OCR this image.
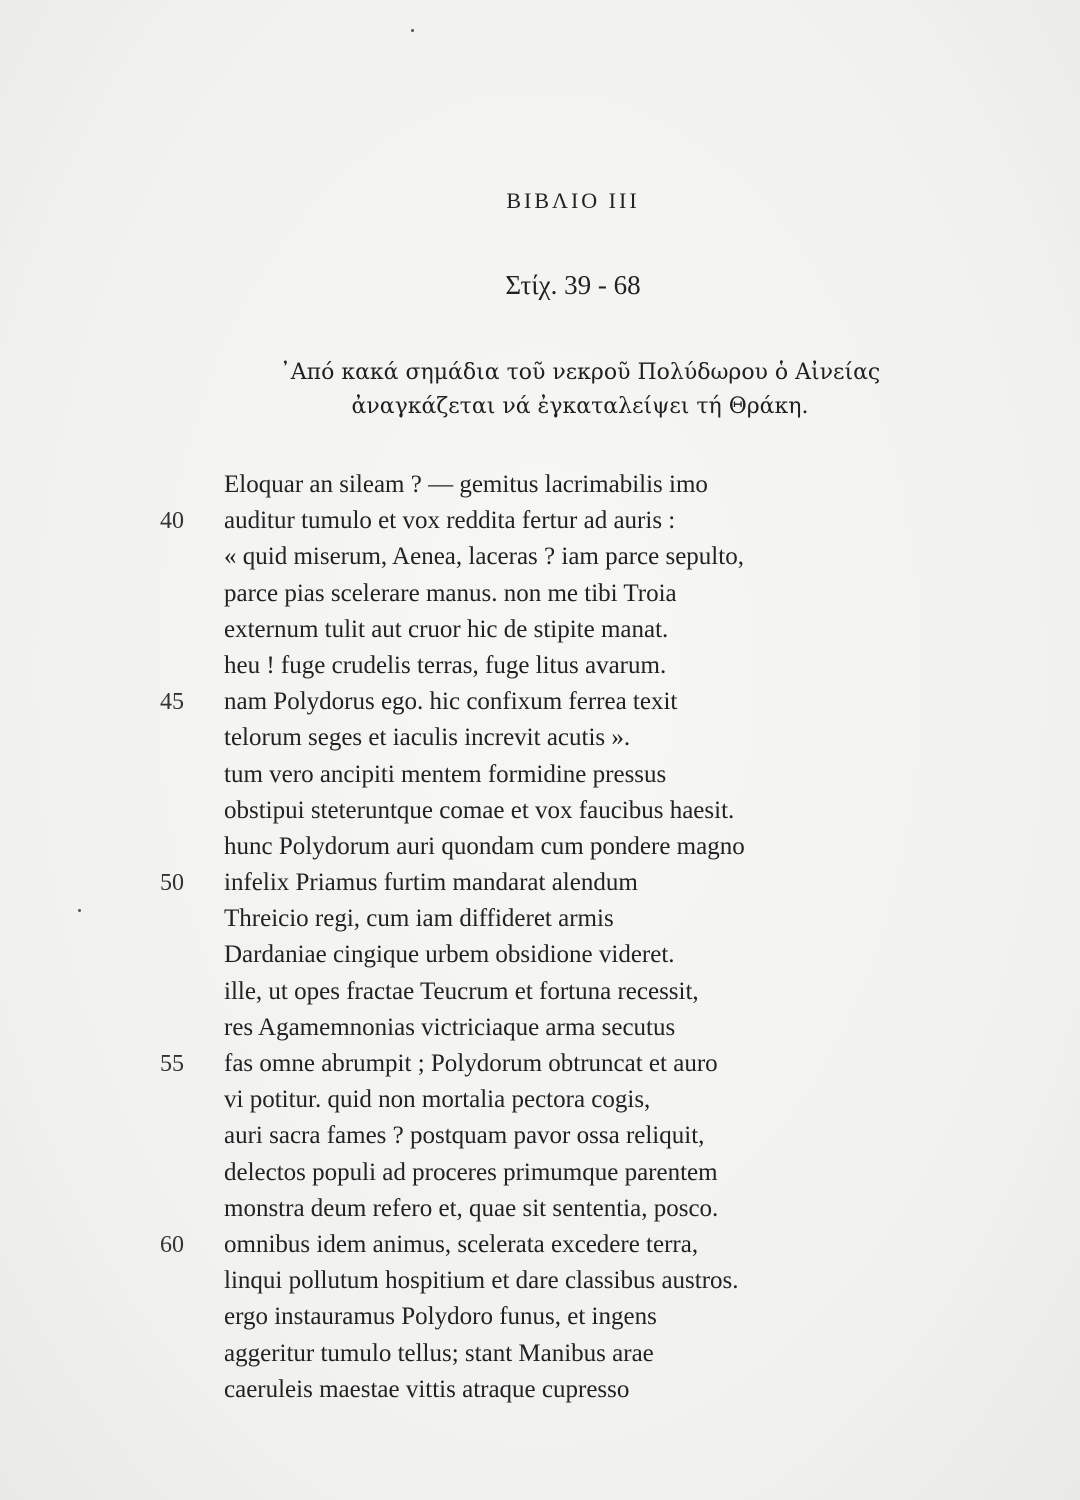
ΒΙΒΛΙΟ ΙΙΙ
Στίχ. 39 - 68
᾿Από κακά σημάδια τοῦ νεκροῦ Πολύδωρου ὁ Αἰνείας
ἀναγκάζεται νά ἐγκαταλείψει τή Θράκη.
Eloquar an sileam ? — gemitus lacrimabilis imo
40	auditur tumulo et vox reddita fertur ad auris :
« quid miserum, Aenea, laceras ? iam parce sepulto,
parce pias scelerare manus. non me tibi Troia
externum tulit aut cruor hic de stipite manat.
heu ! fuge crudelis terras, fuge litus avarum.
45	nam Polydorus ego. hic confixum ferrea texit
telorum seges et iaculis increvit acutis ».
tum vero ancipiti mentem formidine pressus
obstipui steteruntque comae et vox faucibus haesit.
hunc Polydorum auri quondam cum pondere magno
50	infelix Priamus furtim mandarat alendum
Threicio regi, cum iam diffideret armis
Dardaniae cingique urbem obsidione videret.
ille, ut opes fractae Teucrum et fortuna recessit,
res Agamemnonias victriciaque arma secutus
55	fas omne abrumpit ; Polydorum obtruncat et auro
vi potitur. quid non mortalia pectora cogis,
auri sacra fames ? postquam pavor ossa reliquit,
delectos populi ad proceres primumque parentem
monstra deum refero et, quae sit sententia, posco.
60	omnibus idem animus, scelerata excedere terra,
linqui pollutum hospitium et dare classibus austros.
ergo instauramus Polydoro funus, et ingens
aggeritur tumulo tellus; stant Manibus arae
caeruleis maestae vittis atraque cupresso
